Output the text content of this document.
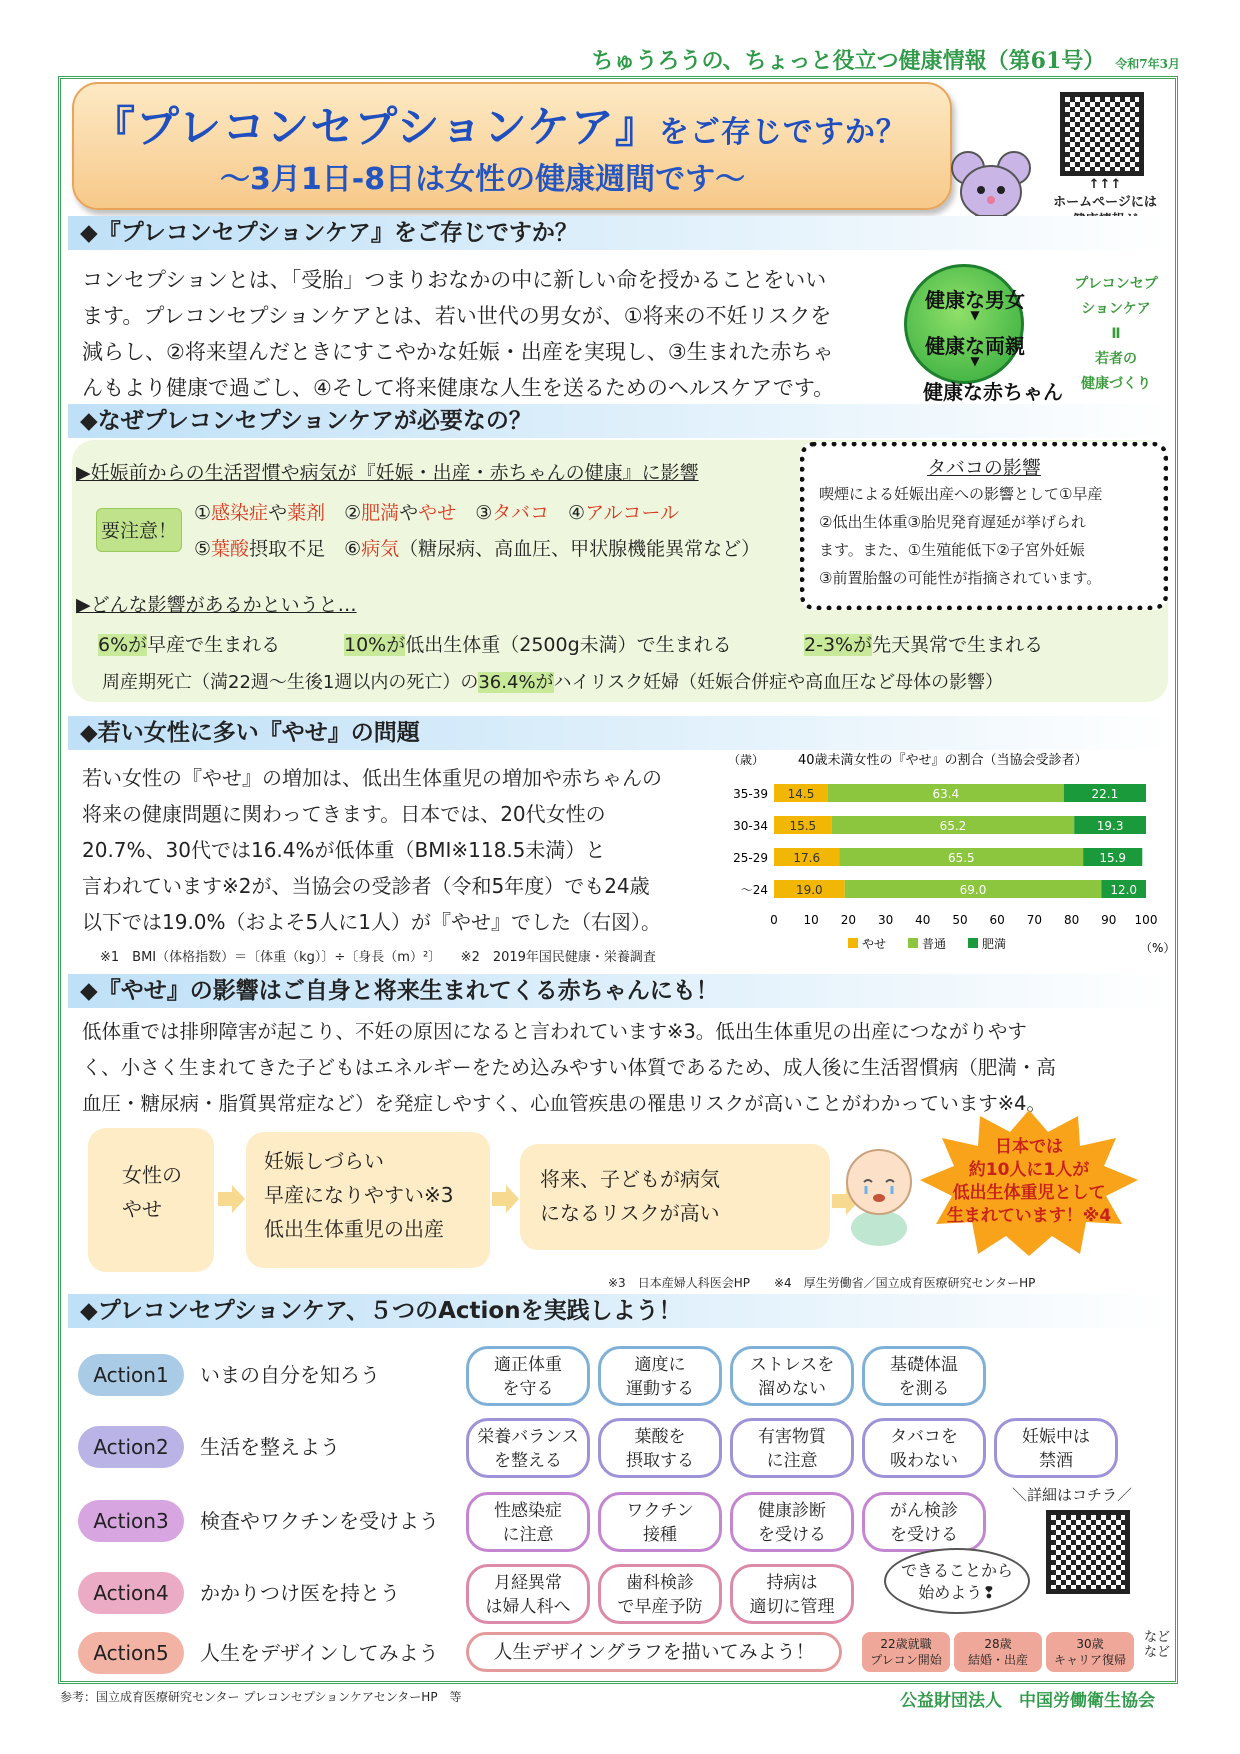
ちゅうろうの、ちょっと役立つ健康情報（第61号） 令和7年3月
『プレコンセプションケア』をご存じですか？
～3月1日-8日は女性の健康週間です～	↑↑↑
ホームページには
◆『プレコンセプションケア』をご存じですか？
コンセプションとは、「受胎」つまりおなかの中に新しい命を授かることをいい
ます。プレコンセプションケアとは、若い世代の男女が、①将来の不妊リスクを
減らし、②将来望んだときにすこやかな妊娠・出産を実現し、③生まれた赤ちゃ
んもより健康で過ごし、④そして将来健康な人生を送るためのヘルスケアです。
健康な男女
▼
健康な両親
▼
健康な赤ちゃん
プレコンセプ
ションケア
Ⅱ
若者の
健康づくり
◆なぜプレコンセプションケアが必要なの？
▶妊娠前からの生活習慣や病気が『妊娠・出産・赤ちゃんの健康』に影響
要注意！
①感染症や薬剤　②肥満ややせ　③タバコ　④アルコール
⑤葉酸摂取不足　⑥病気（糖尿病、高血圧、甲状腺機能異常など）
タバコの影響
喫煙による妊娠出産への影響として①早産
②低出生体重③胎児発育遅延が挙げられ
ます。また、①生殖能低下②子宮外妊娠
③前置胎盤の可能性が指摘されています。
▶どんな影響があるかというと…
6%が早産で生まれる	10%が低出生体重（2500g未満）で生まれる	2-3%が先天異常で生まれる
周産期死亡（満22週～生後1週以内の死亡）の36.4%がハイリスク妊婦（妊娠合併症や高血圧など母体の影響）
◆若い女性に多い『やせ』の問題
若い女性の『やせ』の増加は、低出生体重児の増加や赤ちゃんの
将来の健康問題に関わってきます。日本では、20代女性の
20.7%、30代では16.4%が低体重（BMI※118.5未満）と
言われています※2が、当協会の受診者（令和5年度）でも24歳
以下では19.0%（およそ5人に1人）が『やせ』でした（右図）。
※1　BMI（体格指数）＝〔体重（kg）〕÷〔身長（m）²〕　　※2　2019年国民健康・栄養調査
（歳）	40歳未満女性の『やせ』の割合（当協会受診者）
35-39 14.5	63.4	22.1
30-34 15.5	65.2	19.3
25-29 17.6	65.5	15.9
～24 19.0	69.0	12.0
0 10 20 30 40 50 60 70 80 90 100
やせ	普通	肥満	（%）
◆『やせ』の影響はご自身と将来生まれてくる赤ちゃんにも！
低体重では排卵障害が起こり、不妊の原因になると言われています※3。低出生体重児の出産につながりやす
く、小さく生まれてきた子どもはエネルギーをため込みやすい体質であるため、成人後に生活習慣病（肥満・高
血圧・糖尿病・脂質異常症など）を発症しやすく、心血管疾患の罹患リスクが高いことがわかっています※4。
女性の
やせ
妊娠しづらい
早産になりやすい※3
低出生体重児の出産
将来、子どもが病気
になるリスクが高い
日本では
約10人に1人が
低出生体重児として
生まれています！※4
※3　日本産婦人科医会HP　　※4　厚生労働省／国立成育医療研究センターHP
◆プレコンセプションケア、５つのActionを実践しよう！
Action1	いまの自分を知ろう	適正体重
を守る
適度に
運動する
ストレスを
溜めない
基礎体温
を測る
Action2	生活を整えよう	栄養バランス
を整える
葉酸を
摂取する
有害物質
に注意
タバコを
吸わない
妊娠中は
禁酒
Action3	検査やワクチンを受けよう	性感染症
に注意
ワクチン
接種
健康診断
を受ける
がん検診
を受ける
Action4	かかりつけ医を持とう	月経異常
は婦人科へ
歯科検診
で早産予防
持病は
適切に管理
Action5	人生をデザインしてみよう	人生デザイングラフを描いてみよう！	22歳就職
プレコン開始
28歳
結婚・出産
30歳
キャリア復帰
など
など
＼詳細はコチラ／
できることから
始めよう❢
参考：国立成育医療研究センター プレコンセプションケアセンターHP　等	公益財団法人　中国労働衛生協会
